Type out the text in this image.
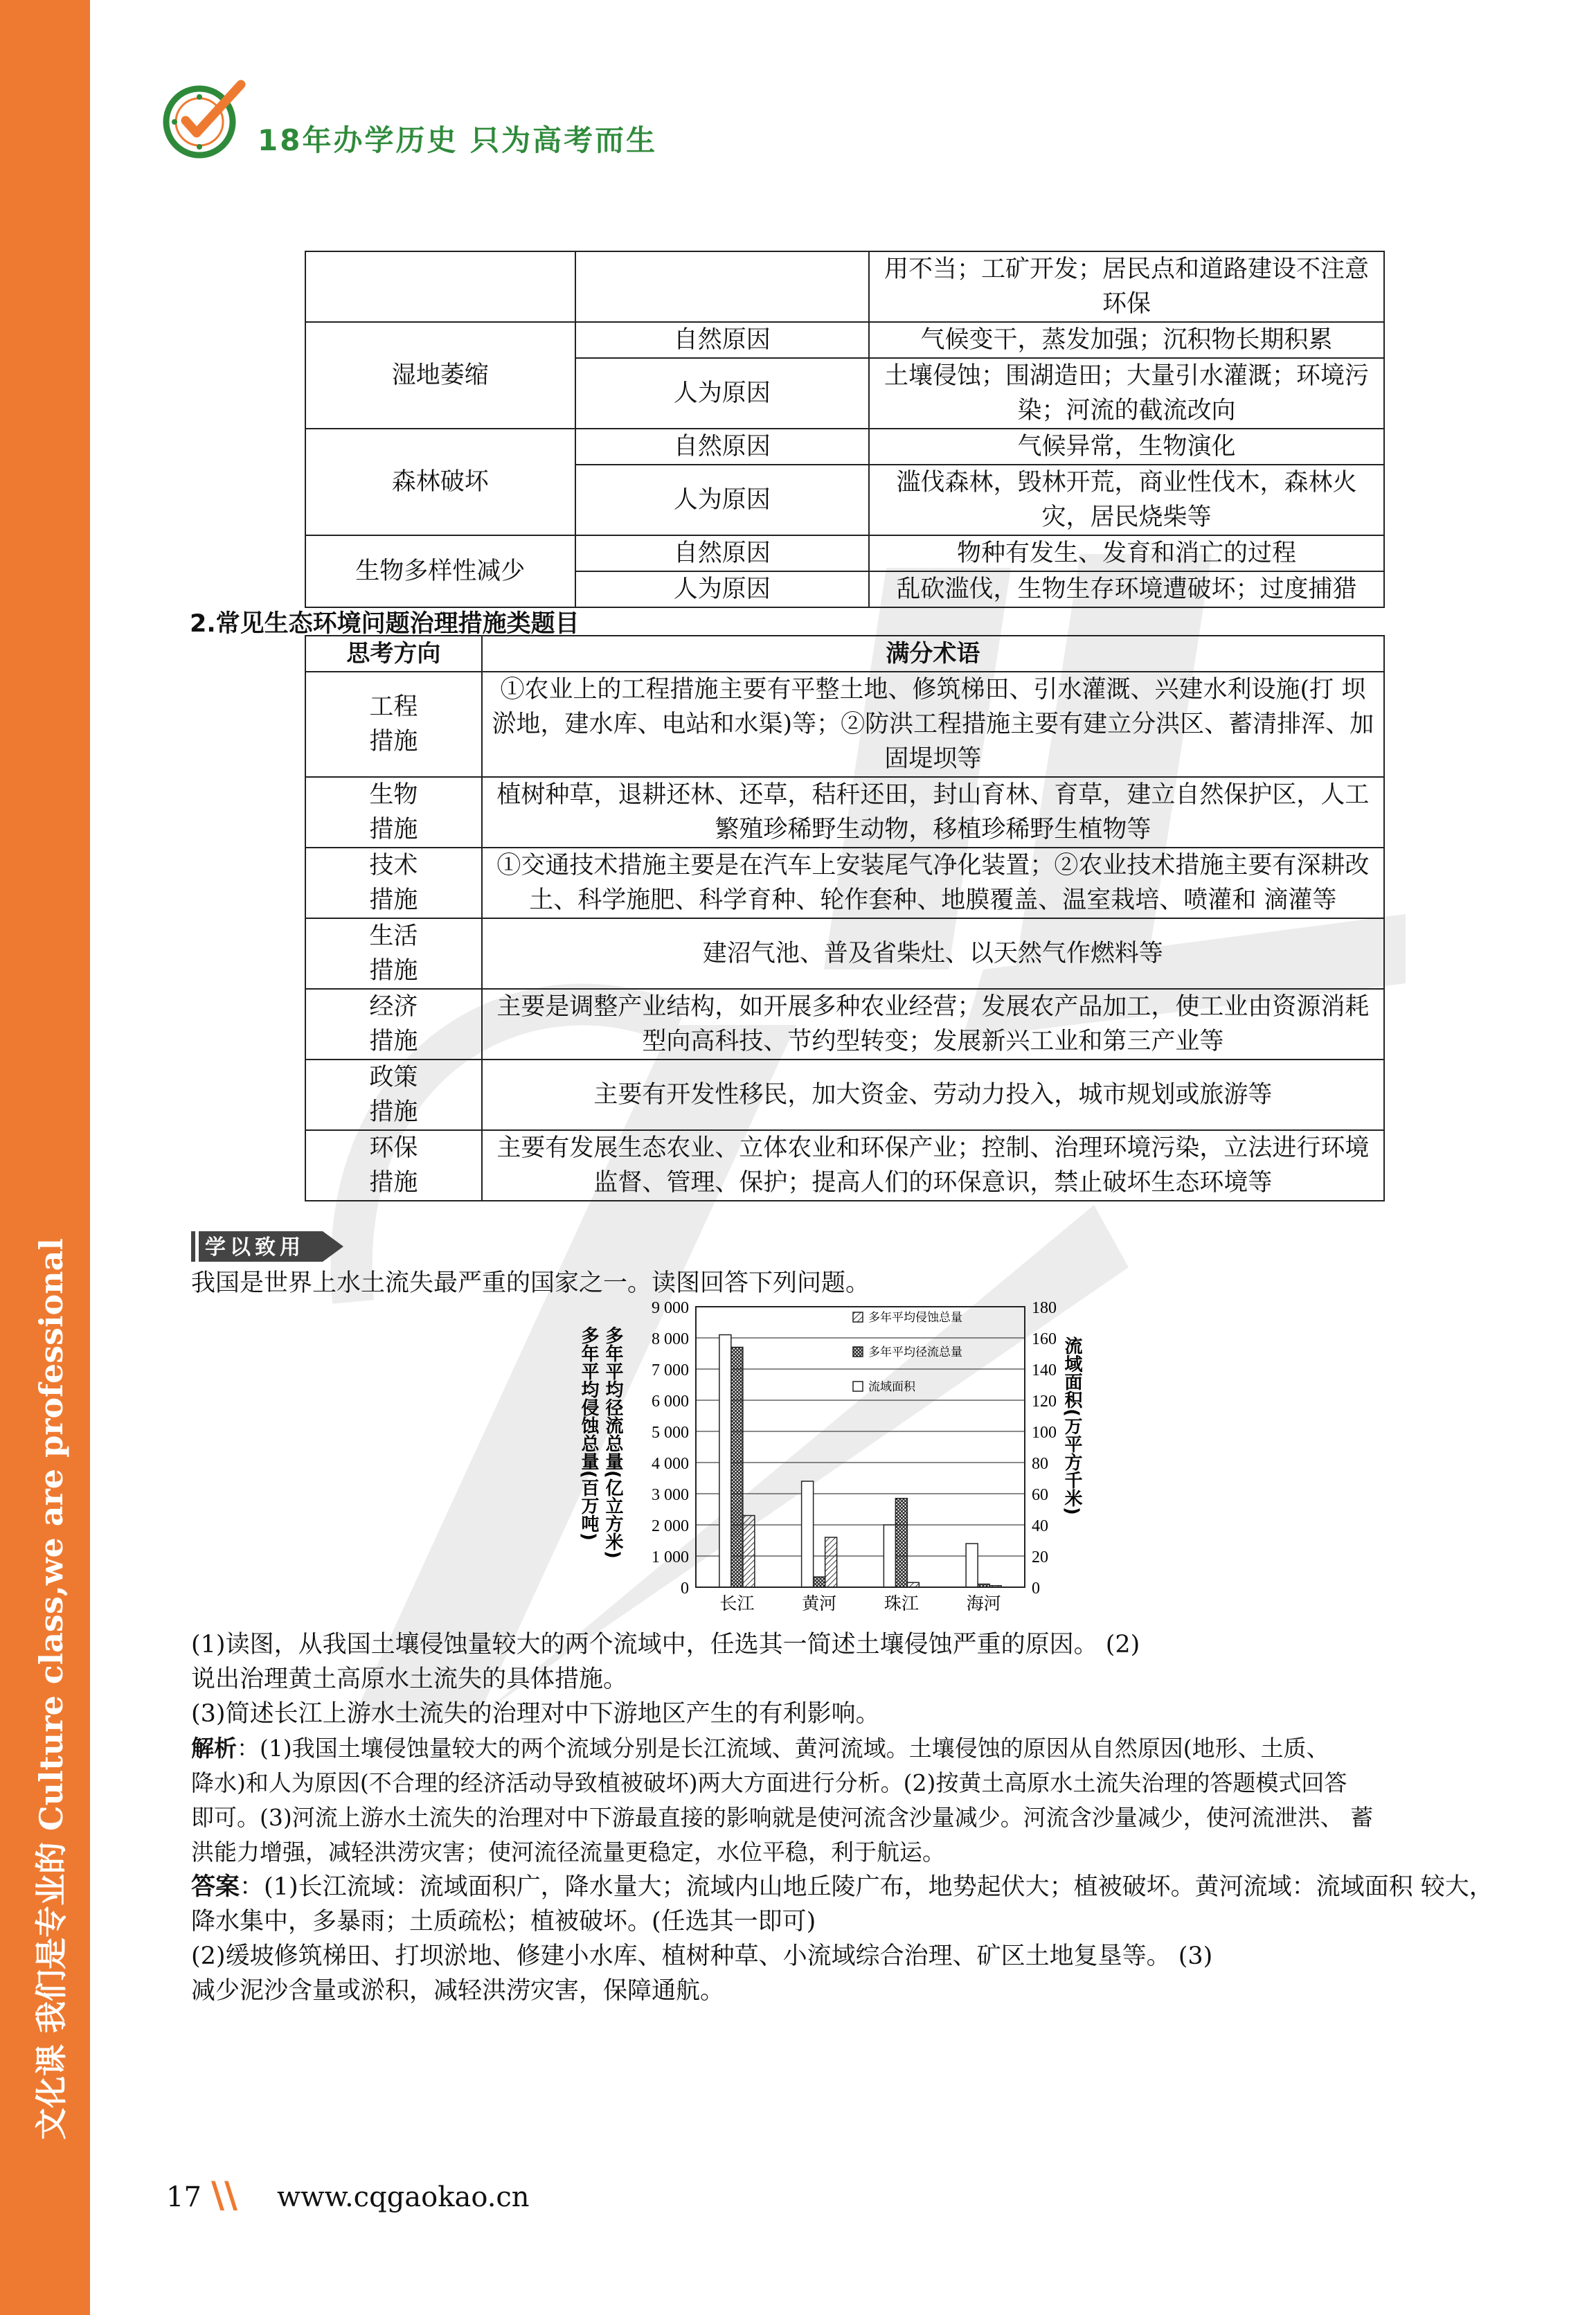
文化课 我们是专业的 Culture class,we are professional
18年办学历史 只为高考而生
		用不当；工矿开发；居民点和道路建设不注意环保
湿地萎缩	自然原因	气候变干，蒸发加强；沉积物长期积累
	人为原因	土壤侵蚀；围湖造田；大量引水灌溉；环境污染；河流的截流改向
森林破坏	自然原因	气候异常，生物演化
	人为原因	滥伐森林，毁林开荒，商业性伐木，森林火灾，居民烧柴等
生物多样性减少	自然原因	物种有发生、发育和消亡的过程
	人为原因	乱砍滥伐，生物生存环境遭破坏；过度捕猎
2.常见生态环境问题治理措施类题目
思考方向	满分术语
工程
措施	①农业上的工程措施主要有平整土地、修筑梯田、引水灌溉、兴建水利设施(打 坝淤地，建水库、电站和水渠)等；②防洪工程措施主要有建立分洪区、蓄清排浑、加固堤坝等
生物
措施	植树种草，退耕还林、还草，秸秆还田，封山育林、育草，建立自然保护区，人工繁殖珍稀野生动物，移植珍稀野生植物等
技术
措施	①交通技术措施主要是在汽车上安装尾气净化装置；②农业技术措施主要有深耕改土、科学施肥、科学育种、轮作套种、地膜覆盖、温室栽培、喷灌和 滴灌等
生活
措施	建沼气池、普及省柴灶、以天然气作燃料等
经济
措施	主要是调整产业结构，如开展多种农业经营；发展农产品加工，使工业由资源消耗型向高科技、节约型转变；发展新兴工业和第三产业等
政策
措施	主要有开发性移民，加大资金、劳动力投入，城市规划或旅游等
环保
措施	主要有发展生态农业、立体农业和环保产业；控制、治理环境污染，立法进行环境监督、管理、保护；提高人们的环保意识，禁止破坏生态环境等
学以致用
我国是世界上水土流失最严重的国家之一。读图回答下列问题。
多年平均侵蚀总量(百万吨) 多年平均径流总量(亿立方米)	流域面积(万平方千米)
0	0
1 000	20
2 000	40
3 000	60
4 000	80
5 000	100
6 000	120
7 000	140
8 000	160
9 000	180
长江	黄河	珠江	海河
多年平均侵蚀总量
多年平均径流总量
流域面积
(1)读图，从我国土壤侵蚀量较大的两个流域中，任选其一简述土壤侵蚀严重的原因。 (2)
说出治理黄土高原水土流失的具体措施。
(3)简述长江上游水土流失的治理对中下游地区产生的有利影响。
解析：(1)我国土壤侵蚀量较大的两个流域分别是长江流域、黄河流域。土壤侵蚀的原因从自然原因(地形、土质、
降水)和人为原因(不合理的经济活动导致植被破坏)两大方面进行分析。(2)按黄土高原水土流失治理的答题模式回答
即可。(3)河流上游水土流失的治理对中下游最直接的影响就是使河流含沙量减少。河流含沙量减少，使河流泄洪、 蓄
洪能力增强，减轻洪涝灾害；使河流径流量更稳定，水位平稳，利于航运。
答案：(1)长江流域：流域面积广，降水量大；流域内山地丘陵广布，地势起伏大；植被破坏。黄河流域：流域面积 较大，
降水集中，多暴雨；土质疏松；植被破坏。(任选其一即可)
(2)缓坡修筑梯田、打坝淤地、修建小水库、植树种草、小流域综合治理、矿区土地复垦等。 (3)
减少泥沙含量或淤积，减轻洪涝灾害，保障通航。
17 \\ www.cqgaokao.cn
